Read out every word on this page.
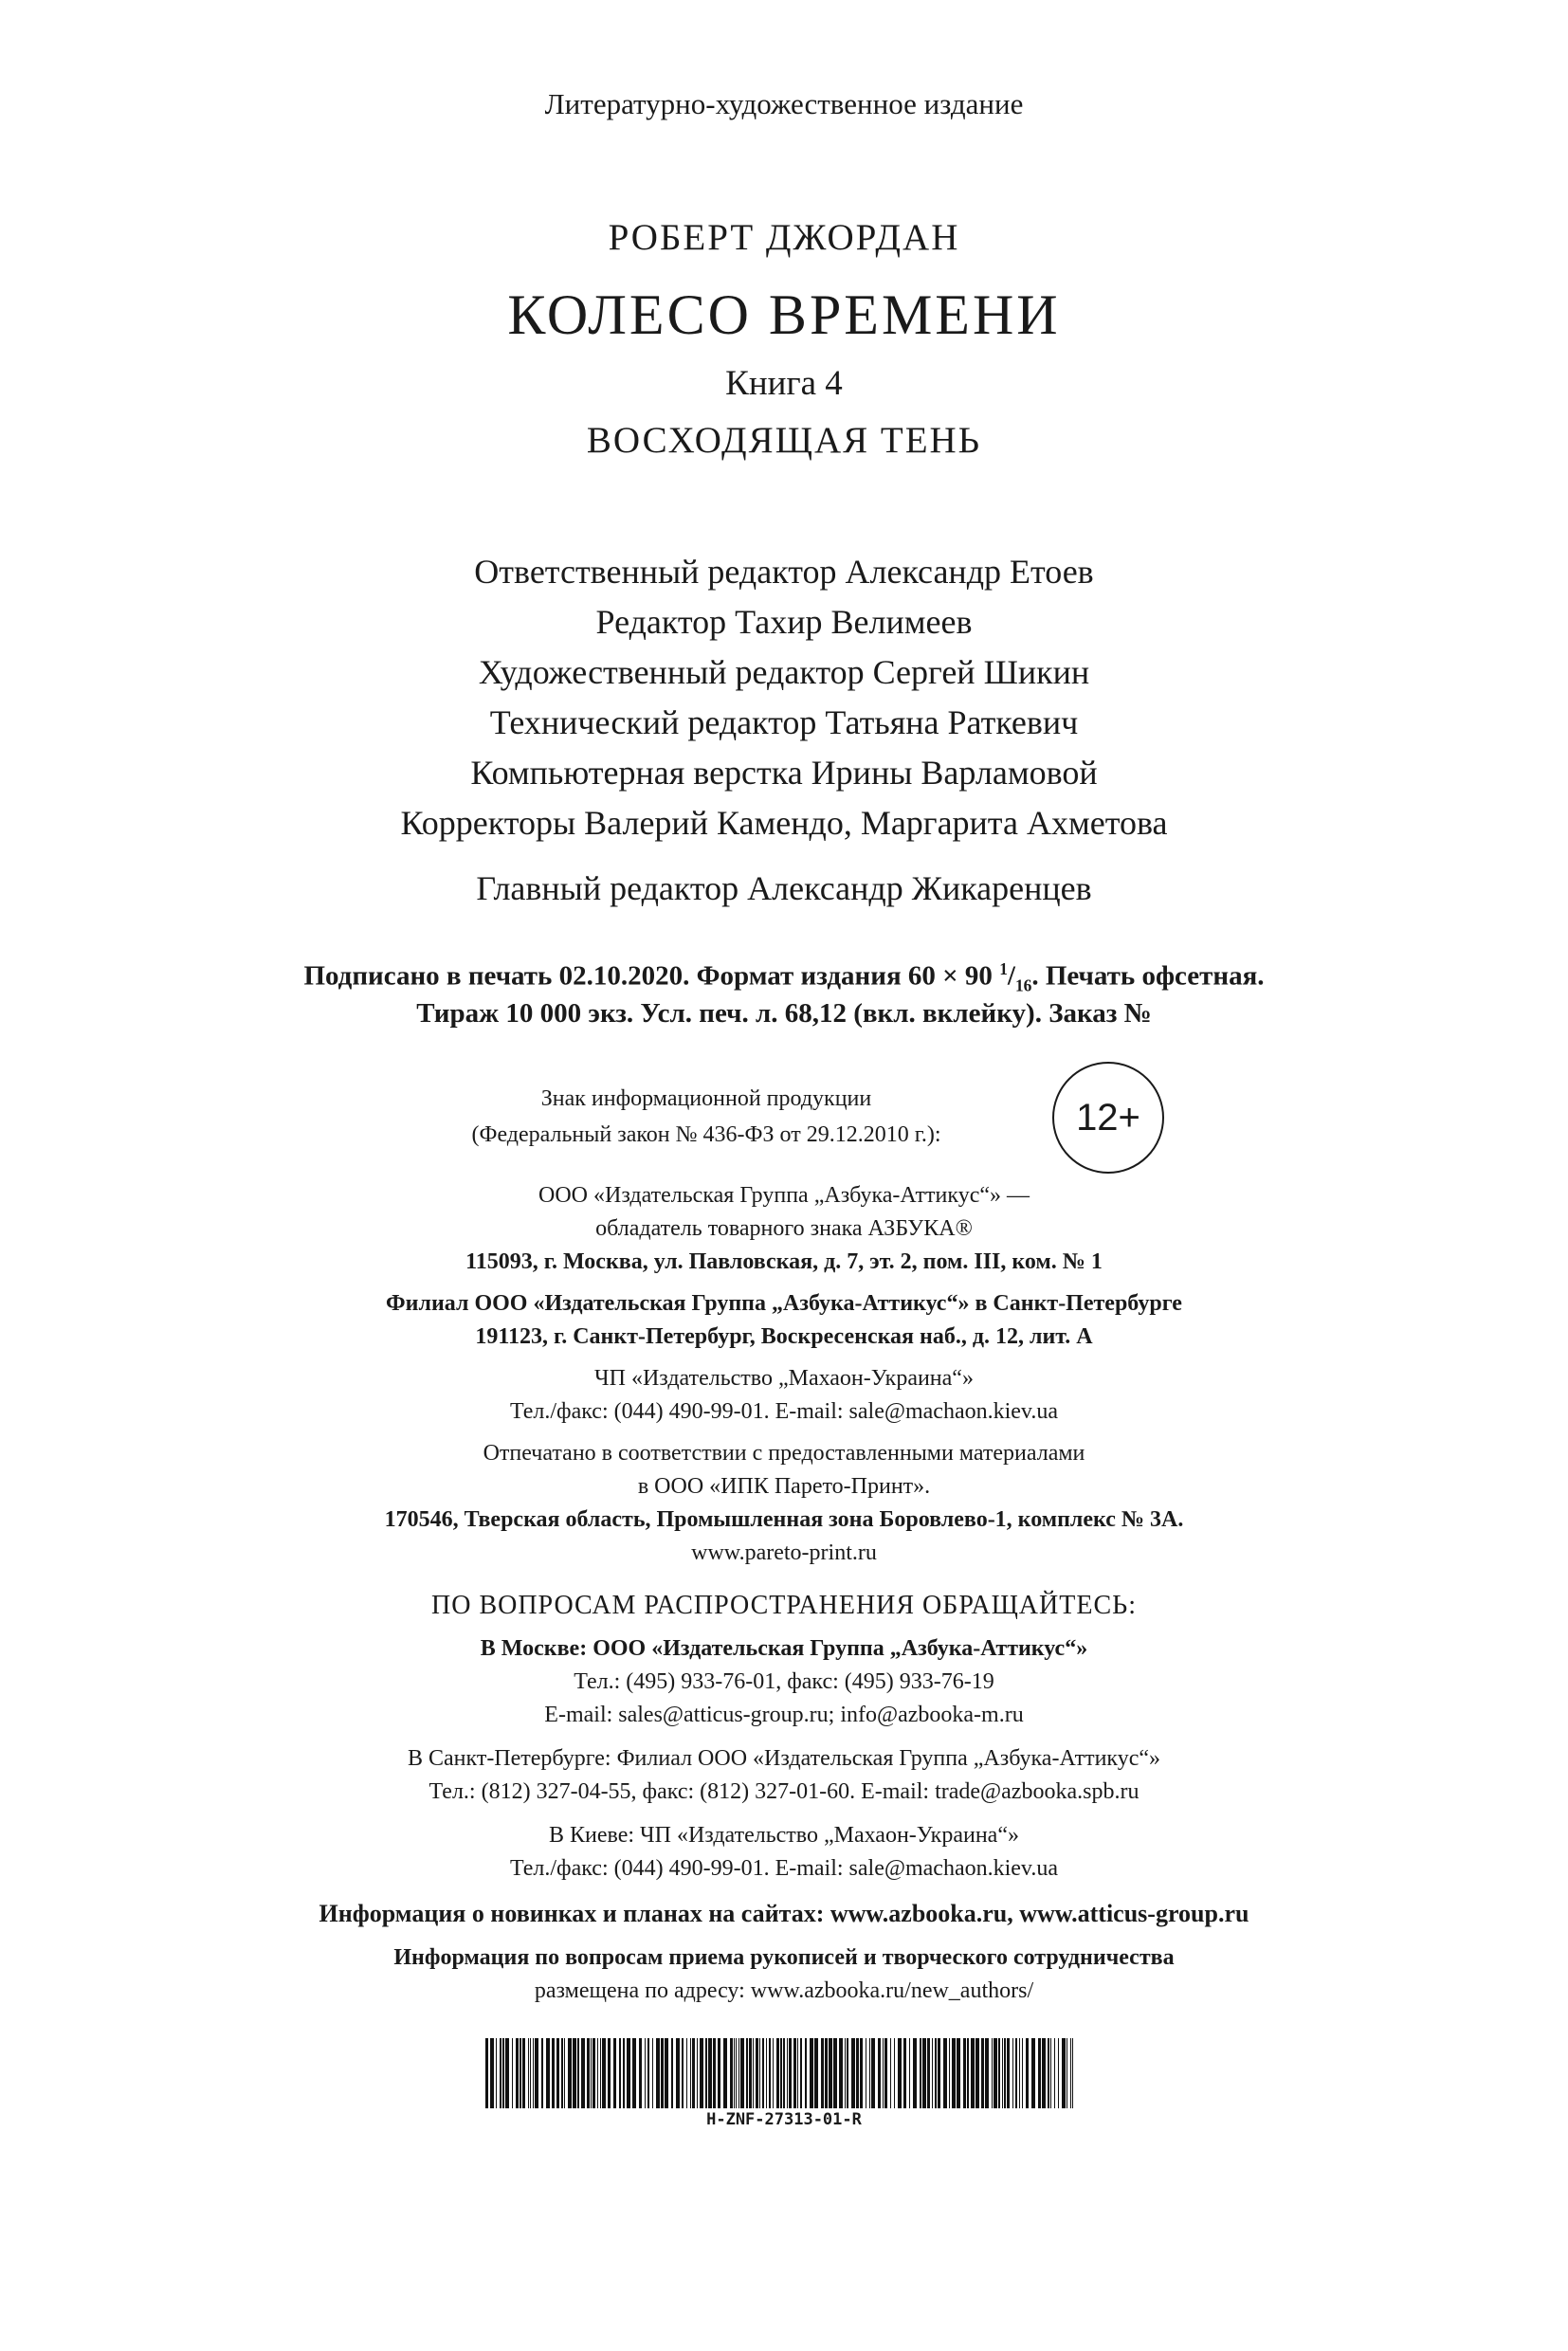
Литературно-художественное издание
РОБЕРТ ДЖОРДАН
КОЛЕСО ВРЕМЕНИ
Книга 4
ВОСХОДЯЩАЯ ТЕНЬ
Ответственный редактор Александр Етоев
Редактор Тахир Велимеев
Художественный редактор Сергей Шикин
Технический редактор Татьяна Раткевич
Компьютерная верстка Ирины Варламовой
Корректоры Валерий Камендо, Маргарита Ахметова
Главный редактор Александр Жикаренцев
Подписано в печать 02.10.2020. Формат издания 60 × 90 $^1/_{16}$. Печать офсетная.
Тираж 10 000 экз. Усл. печ. л. 68,12 (вкл. вклейку). Заказ №
Знак информационной продукции
(Федеральный закон № 436-ФЗ от 29.12.2010 г.):	12+
ООО «Издательская Группа „Азбука-Аттикус“» —
обладатель товарного знака АЗБУКА®
115093, г. Москва, ул. Павловская, д. 7, эт. 2, пом. III, ком. № 1
Филиал ООО «Издательская Группа „Азбука-Аттикус“» в Санкт-Петербурге
191123, г. Санкт-Петербург, Воскресенская наб., д. 12, лит. А
ЧП «Издательство „Махаон-Украина“»
Тел./факс: (044) 490-99-01. E-mail: sale@machaon.kiev.ua
Отпечатано в соответствии с предоставленными материалами
в ООО «ИПК Парето-Принт».
170546, Тверская область, Промышленная зона Боровлево-1, комплекс № 3А.
www.pareto-print.ru
ПО ВОПРОСАМ РАСПРОСТРАНЕНИЯ ОБРАЩАЙТЕСЬ:
В Москве: ООО «Издательская Группа „Азбука-Аттикус“»
Тел.: (495) 933-76-01, факс: (495) 933-76-19
E-mail: sales@atticus-group.ru; info@azbooka-m.ru
В Санкт-Петербурге: Филиал ООО «Издательская Группа „Азбука-Аттикус“»
Тел.: (812) 327-04-55, факс: (812) 327-01-60. E-mail: trade@azbooka.spb.ru
В Киеве: ЧП «Издательство „Махаон-Украина“»
Тел./факс: (044) 490-99-01. E-mail: sale@machaon.kiev.ua
Информация о новинках и планах на сайтах: www.azbooka.ru, www.atticus-group.ru
Информация по вопросам приема рукописей и творческого сотрудничества
размещена по адресу: www.azbooka.ru/new_authors/
H-ZNF-27313-01-R
